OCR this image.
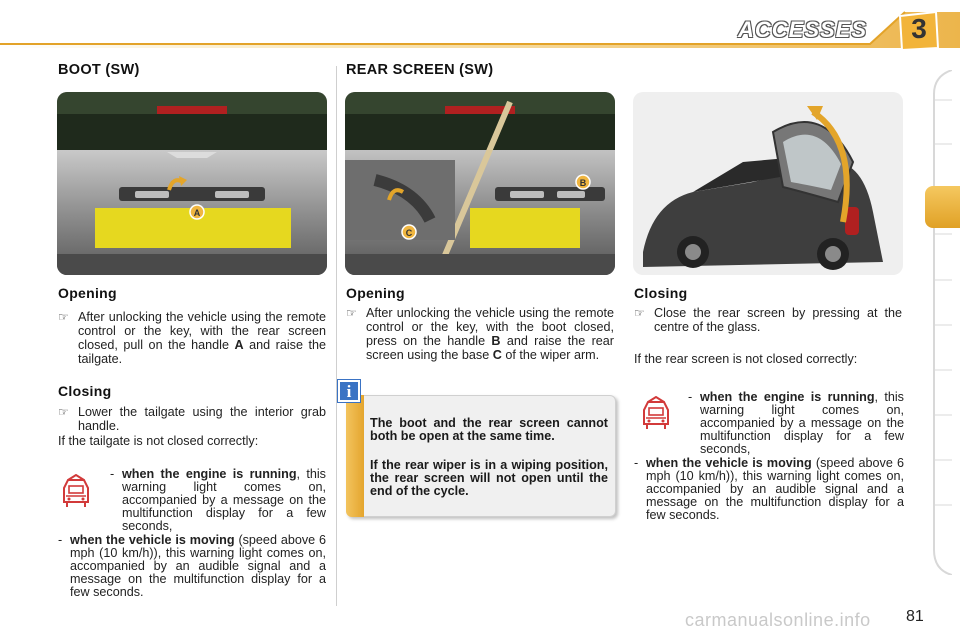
ACCESSES 3
BOOT (SW)
A
Opening
☞ After unlocking the vehicle using the remote control or the key, with the rear screen closed, pull on the handle A and raise the tailgate.
Closing
☞ Lower the tailgate using the interior grab handle.
If the tailgate is not closed correctly:
- when the engine is running, this warning light comes on, accompanied by a message on the multifunction display for a few seconds,
- when the vehicle is moving (speed above 6 mph (10 km/h)), this warning light comes on, accompanied by an audible signal and a message on the multifunction display for a few seconds.
REAR SCREEN (SW)
B
C
Opening
☞ After unlocking the vehicle using the remote control or the key, with the boot closed, press on the handle B and raise the rear screen using the base C of the wiper arm.
i
The boot and the rear screen cannot both be open at the same time.
If the rear wiper is in a wiping position, the rear screen will not open until the end of the cycle.
Closing
☞ Close the rear screen by pressing at the centre of the glass.
If the rear screen is not closed correctly:
- when the engine is running, this warning light comes on, accompanied by a message on the multifunction display for a few seconds,
- when the vehicle is moving (speed above 6 mph (10 km/h)), this warning light comes on, accompanied by an audible signal and a message on the multifunction display for a few seconds.
carmanualsonline.info 81
